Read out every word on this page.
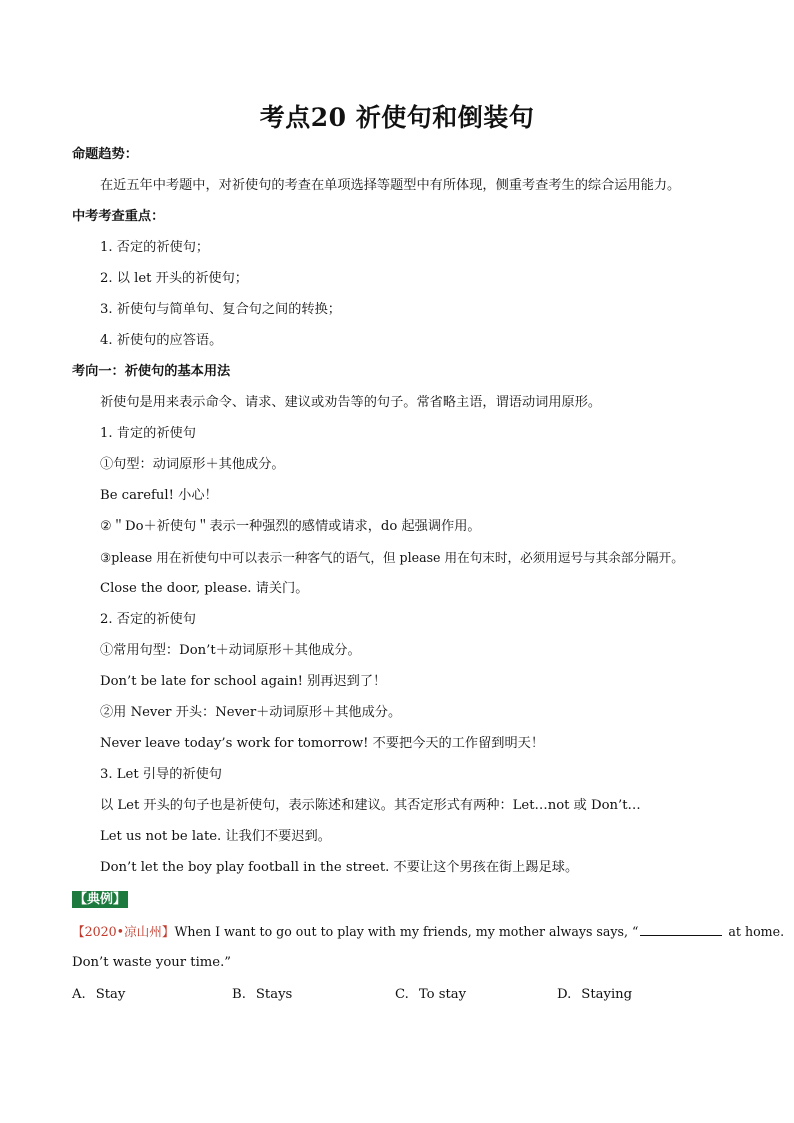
考点20 祈使句和倒装句
命题趋势：
在近五年中考题中，对祈使句的考查在单项选择等题型中有所体现，侧重考查考生的综合运用能力。
中考考查重点：
1. 否定的祈使句；
2. 以 let 开头的祈使句；
3. 祈使句与简单句、复合句之间的转换；
4. 祈使句的应答语。
考向一：祈使句的基本用法
祈使句是用来表示命令、请求、建议或劝告等的句子。常省略主语，谓语动词用原形。
1. 肯定的祈使句
①句型：动词原形＋其他成分。
Be careful! 小心！
②＂Do＋祈使句＂表示一种强烈的感情或请求，do 起强调作用。
③please 用在祈使句中可以表示一种客气的语气，但 please 用在句末时，必须用逗号与其余部分隔开。
Close the door, please. 请关门。
2. 否定的祈使句
①常用句型：Don’t＋动词原形＋其他成分。
Don’t be late for school again! 别再迟到了！
②用 Never 开头：Never＋动词原形＋其他成分。
Never leave today’s work for tomorrow! 不要把今天的工作留到明天！
3. Let 引导的祈使句
以 Let 开头的句子也是祈使句，表示陈述和建议。其否定形式有两种：Let…not 或 Don’t…
Let us not be late. 让我们不要迟到。
Don’t let the boy play football in the street. 不要让这个男孩在街上踢足球。
【典例】
【2020•凉山州】When I want to go out to play with my friends, my mother always says, “	at home.
Don’t waste your time.”
A. Stay	B. Stays	C. To stay	D. Staying
